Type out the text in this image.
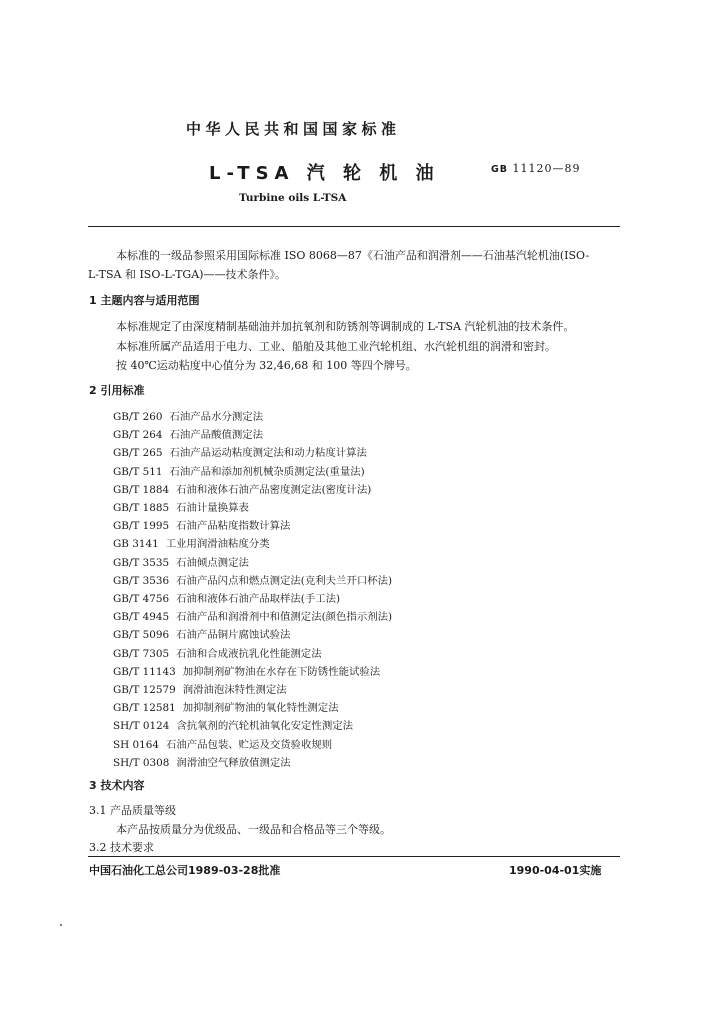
中华人民共和国国家标准
L-TSA 汽 轮 机 油	GB 11120—89
Turbine oils L-TSA
本标准的一级品参照采用国际标准 ISO 8068—87《石油产品和润滑剂——石油基汽轮机油(ISO-
L-TSA 和 ISO-L-TGA)——技术条件》。
1 主题内容与适用范围
本标准规定了由深度精制基础油并加抗氧剂和防锈剂等调制成的 L-TSA 汽轮机油的技术条件。
本标准所属产品适用于电力、工业、船舶及其他工业汽轮机组、水汽轮机组的润滑和密封。
按 40℃运动粘度中心值分为 32,46,68 和 100 等四个牌号。
2 引用标准
GB/T 260 石油产品水分测定法
GB/T 264 石油产品酸值测定法
GB/T 265 石油产品运动粘度测定法和动力粘度计算法
GB/T 511 石油产品和添加剂机械杂质测定法(重量法)
GB/T 1884 石油和液体石油产品密度测定法(密度计法)
GB/T 1885 石油计量换算表
GB/T 1995 石油产品粘度指数计算法
GB 3141 工业用润滑油粘度分类
GB/T 3535 石油倾点测定法
GB/T 3536 石油产品闪点和燃点测定法(克利夫兰开口杯法)
GB/T 4756 石油和液体石油产品取样法(手工法)
GB/T 4945 石油产品和润滑剂中和值测定法(颜色指示剂法)
GB/T 5096 石油产品铜片腐蚀试验法
GB/T 7305 石油和合成液抗乳化性能测定法
GB/T 11143 加抑制剂矿物油在水存在下防锈性能试验法
GB/T 12579 润滑油泡沫特性测定法
GB/T 12581 加抑制剂矿物油的氧化特性测定法
SH/T 0124 含抗氧剂的汽轮机油氧化安定性测定法
SH 0164 石油产品包装、贮运及交货验收规则
SH/T 0308 润滑油空气释放值测定法
3 技术内容
3.1 产品质量等级
本产品按质量分为优级品、一级品和合格品等三个等级。
3.2 技术要求
中国石油化工总公司1989-03-28批准	1990-04-01实施
